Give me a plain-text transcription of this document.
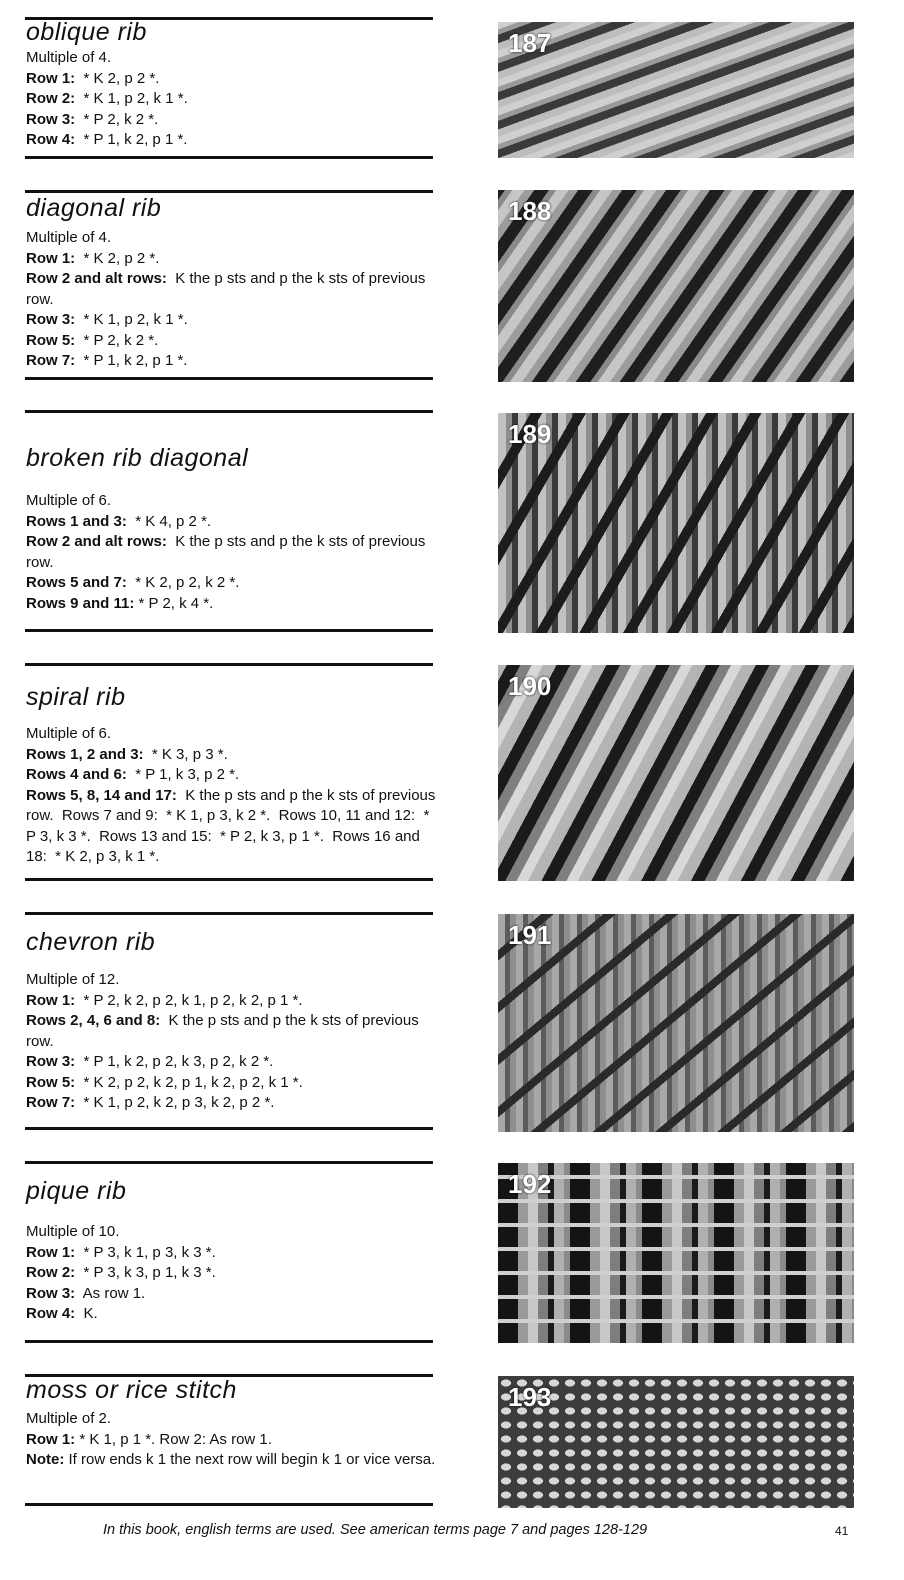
oblique rib
diagonal rib
broken rib diagonal
spiral rib
chevron rib
pique rib
moss or rice stitch
Multiple of 4.
Row 1:  * K 2, p 2 *.
Row 2:  * K 1, p 2, k 1 *.
Row 3:  * P 2, k 2 *.
Row 4:  * P 1, k 2, p 1 *.
Multiple of 4.
Row 1:  * K 2, p 2 *.
Row 2 and alt rows:  K the p sts and p the k sts of previous row.
Row 3:  * K 1, p 2, k 1 *.
Row 5:  * P 2, k 2 *.
Row 7:  * P 1, k 2, p 1 *.
Multiple of 6.
Rows 1 and 3:  * K 4, p 2 *.
Row 2 and alt rows:  K the p sts and p the k sts of previous row.
Rows 5 and 7:  * K 2, p 2, k 2 *.
Rows 9 and 11: * P 2, k 4 *.
Multiple of 6.
Rows 1, 2 and 3:  * K 3, p 3 *.
Rows 4 and 6:  * P 1, k 3, p 2 *.
Rows 5, 8, 14 and 17:  K the p sts and p the k sts of previous row.  Rows 7 and 9:  * K 1, p 3, k 2 *.  Rows 10, 11 and 12:  * P 3, k 3 *.  Rows 13 and 15:  * P 2, k 3, p 1 *.  Rows 16 and 18:  * K 2, p 3, k 1 *.
Multiple of 12.
Row 1:  * P 2, k 2, p 2, k 1, p 2, k 2, p 1 *.
Rows 2, 4, 6 and 8:  K the p sts and p the k sts of previous row.
Row 3:  * P 1, k 2, p 2, k 3, p 2, k 2 *.
Row 5:  * K 2, p 2, k 2, p 1, k 2, p 2, k 1 *.
Row 7:  * K 1, p 2, k 2, p 3, k 2, p 2 *.
Multiple of 10.
Row 1:  * P 3, k 1, p 3, k 3 *.
Row 2:  * P 3, k 3, p 1, k 3 *.
Row 3:  As row 1.
Row 4:  K.
Multiple of 2.
Row 1: * K 1, p 1 *. Row 2: As row 1.
Note: If row ends k 1 the next row will begin k 1 or vice versa.
187
188
189
190
191
192
193
In this book, english terms are used. See american terms page 7 and pages 128-129	41
